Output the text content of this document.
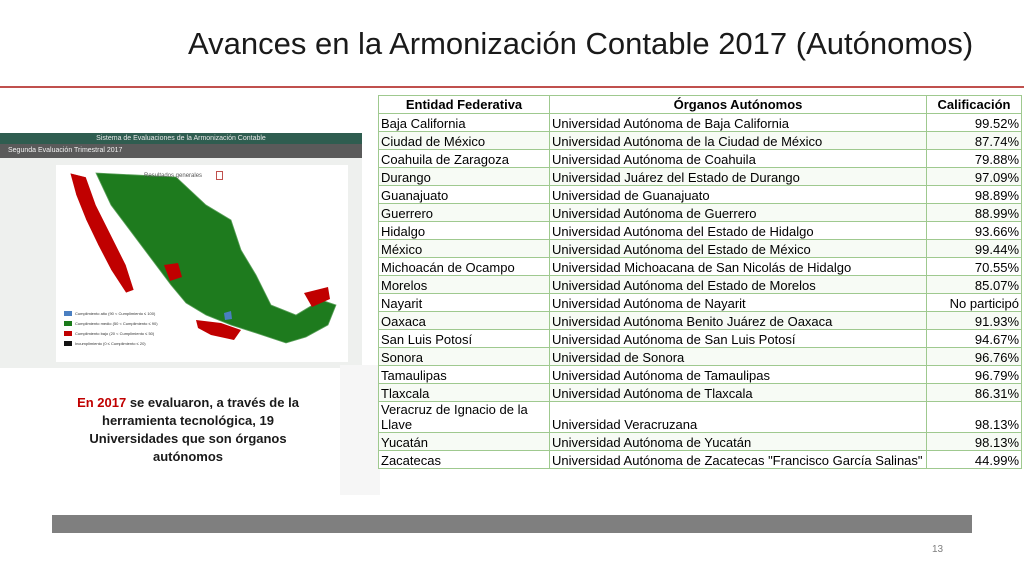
Avances en la Armonización Contable 2017 (Autónomos)
Sistema de Evaluaciones de la Armonización Contable
Segunda Evaluación Trimestral 2017
Resultados generales
Cumplimiento alto (90 < Cumplimiento ≤ 100)
Cumplimiento medio (50 < Cumplimiento ≤ 90)
Cumplimiento bajo (20 < Cumplimiento ≤ 50)
Incumplimiento (0 ≤ Cumplimiento ≤ 20)
En 2017 se evaluaron, a través de la herramienta tecnológica, 19 Universidades que son órganos autónomos
Entidad Federativa	Órganos Autónomos	Calificación
Baja California	Universidad Autónoma de Baja California	99.52%
Ciudad de México	Universidad Autónoma de la Ciudad de México	87.74%
Coahuila de Zaragoza	Universidad Autónoma de Coahuila	79.88%
Durango	Universidad Juárez del Estado de Durango	97.09%
Guanajuato	Universidad de Guanajuato	98.89%
Guerrero	Universidad Autónoma de Guerrero	88.99%
Hidalgo	Universidad Autónoma del Estado de Hidalgo	93.66%
México	Universidad Autónoma del Estado de México	99.44%
Michoacán de Ocampo	Universidad Michoacana de San Nicolás de Hidalgo	70.55%
Morelos	Universidad Autónoma del Estado de Morelos	85.07%
Nayarit	Universidad Autónoma de Nayarit	No participó
Oaxaca	Universidad Autónoma Benito Juárez de Oaxaca	91.93%
San Luis Potosí	Universidad Autónoma de San Luis Potosí	94.67%
Sonora	Universidad de Sonora	96.76%
Tamaulipas	Universidad Autónoma de Tamaulipas	96.79%
Tlaxcala	Universidad Autónoma de Tlaxcala	86.31%
Veracruz de Ignacio de la Llave	Universidad Veracruzana	98.13%
Yucatán	Universidad Autónoma de Yucatán	98.13%
Zacatecas	Universidad Autónoma de Zacatecas "Francisco García Salinas"	44.99%
13
